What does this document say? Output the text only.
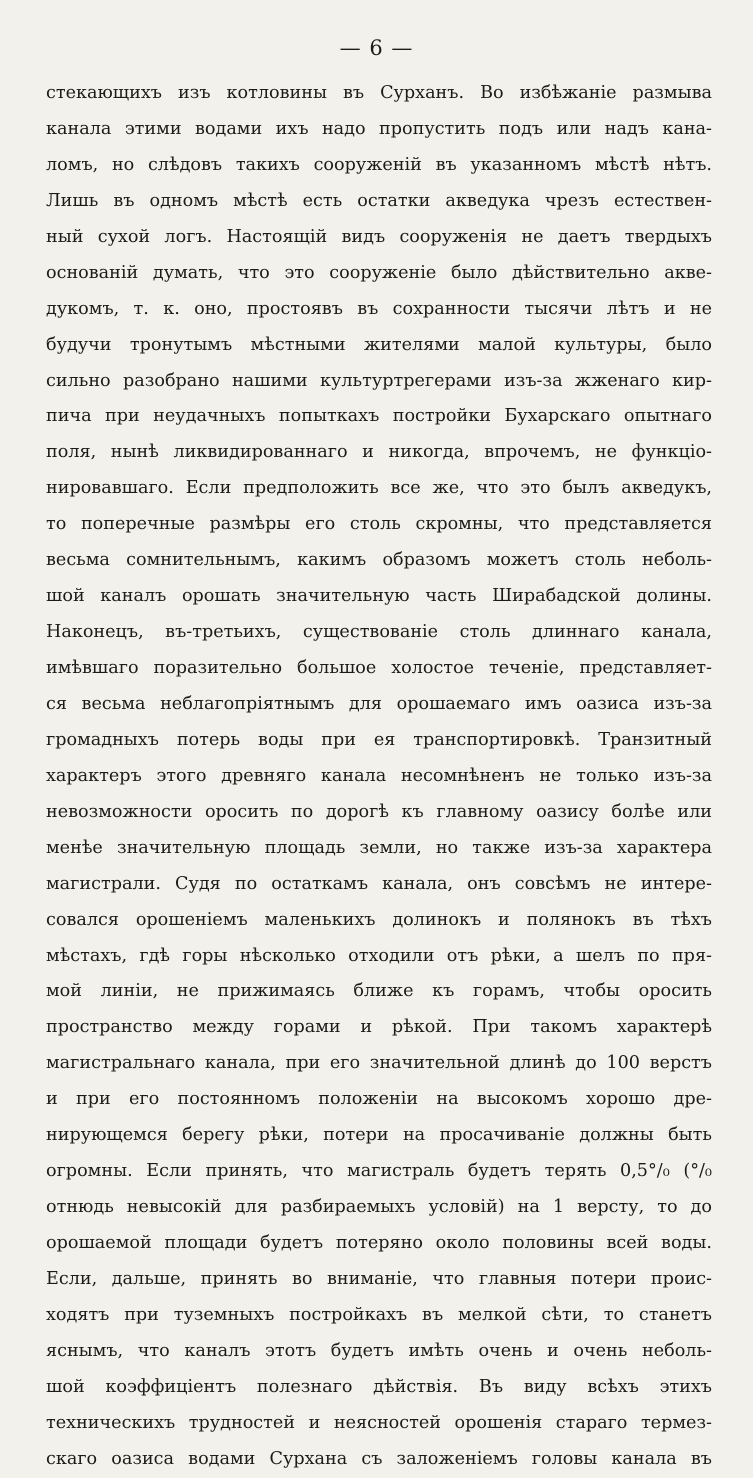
— 6 —
стекающихъ изъ котловины въ Сурханъ. Во избѣжаніе размыва
канала этими водами ихъ надо пропустить подъ или надъ кана-
ломъ, но слѣдовъ такихъ сооруженій въ указанномъ мѣстѣ нѣтъ.
Лишь въ одномъ мѣстѣ есть остатки акведука чрезъ естествен-
ный сухой логъ. Настоящій видъ сооруженія не даетъ твердыхъ
основаній думать, что это сооруженіе было дѣйствительно акве-
дукомъ, т. к. оно, простоявъ въ сохранности тысячи лѣтъ и не
будучи тронутымъ мѣстными жителями малой культуры, было
сильно разобрано нашими культуртрегерами изъ-за жженаго кир-
пича при неудачныхъ попыткахъ постройки Бухарскаго опытнаго
поля, нынѣ ликвидированнаго и никогда, впрочемъ, не функціо-
нировавшаго. Если предположить все же, что это былъ акведукъ,
то поперечные размѣры его столь скромны, что представляется
весьма сомнительнымъ, какимъ образомъ можетъ столь неболь-
шой каналъ орошать значительную часть Ширабадской долины.
Наконецъ, въ-третьихъ, существованіе столь длиннаго канала,
имѣвшаго поразительно большое холостое теченіе, представляет-
ся весьма неблагопріятнымъ для орошаемаго имъ оазиса изъ-за
громадныхъ потерь воды при ея транспортировкѣ. Транзитный
характеръ этого древняго канала несомнѣненъ не только изъ-за
невозможности оросить по дорогѣ къ главному оазису болѣе или
менѣе значительную площадь земли, но также изъ-за характера
магистрали. Судя по остаткамъ канала, онъ совсѣмъ не интере-
совался орошеніемъ маленькихъ долинокъ и полянокъ въ тѣхъ
мѣстахъ, гдѣ горы нѣсколько отходили отъ рѣки, а шелъ по пря-
мой линіи, не прижимаясь ближе къ горамъ, чтобы оросить
пространство между горами и рѣкой. При такомъ характерѣ
магистральнаго канала, при его значительной длинѣ до 100 верстъ
и при его постоянномъ положеніи на высокомъ хорошо дре-
нирующемся берегу рѣки, потери на просачиваніе должны быть
огромны. Если принять, что магистраль будетъ терять 0,5°/₀ (°/₀
отнюдь невысокій для разбираемыхъ условій) на 1 версту, то до
орошаемой площади будетъ потеряно около половины всей воды.
Если, дальше, принять во вниманіе, что главныя потери проис-
ходятъ при туземныхъ постройкахъ въ мелкой сѣти, то станетъ
яснымъ, что каналъ этотъ будетъ имѣть очень и очень неболь-
шой коэффиціентъ полезнаго дѣйствія. Въ виду всѣхъ этихъ
техническихъ трудностей и неясностей орошенія стараго термез-
скаго оазиса водами Сурхана съ заложеніемъ головы канала въ
